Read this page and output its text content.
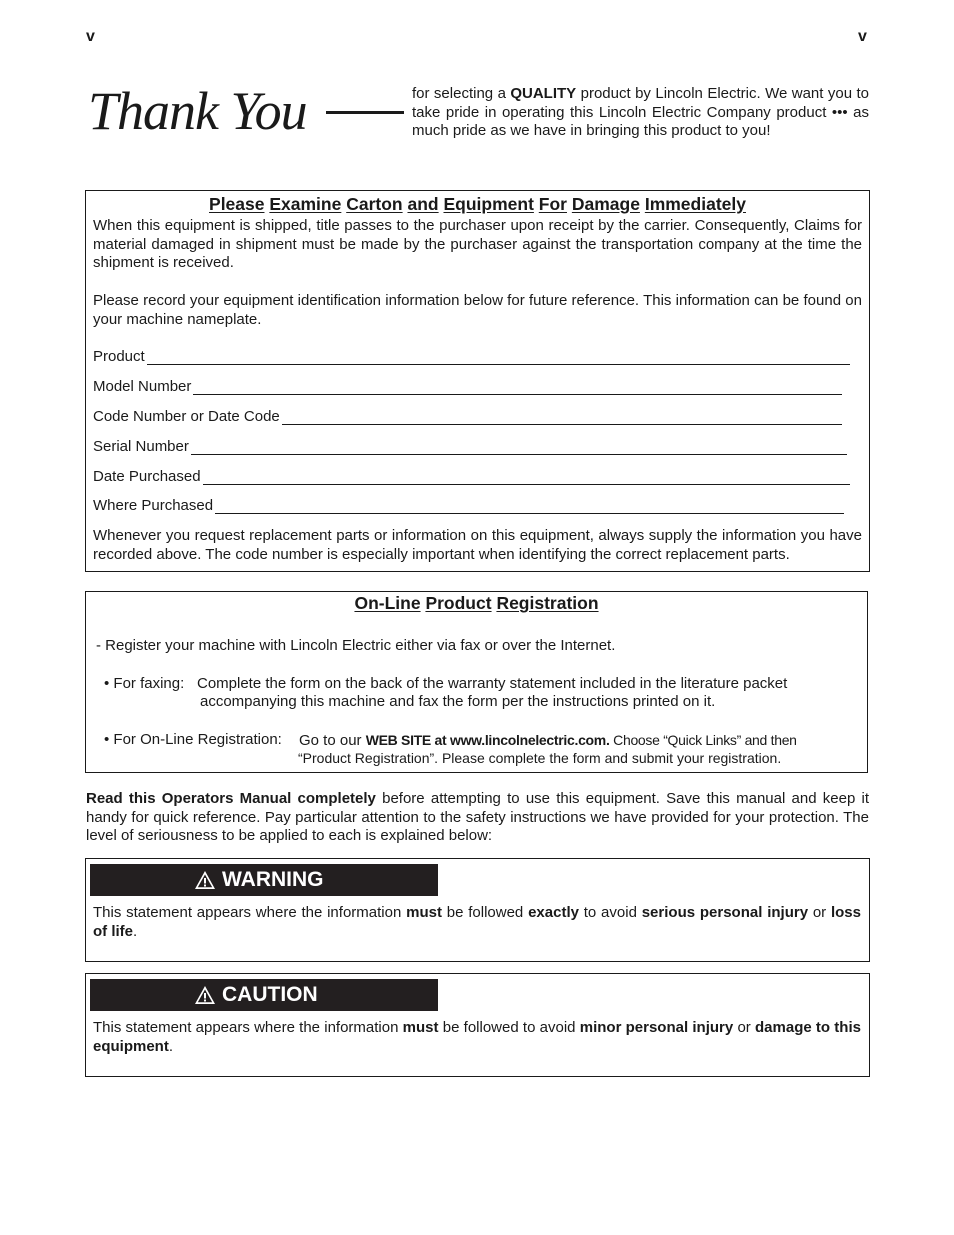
v	v
Thank You	for selecting a QUALITY product by Lincoln Electric. We want you to take pride in operating this Lincoln Electric Company product ••• as much pride as we have in bringing this product to you!
Please Examine Carton and Equipment For Damage Immediately
When this equipment is shipped, title passes to the purchaser upon receipt by the carrier. Consequently, Claims for material damaged in shipment must be made by the purchaser against the transportation company at the time the shipment is received.
Please record your equipment identification information below for future reference. This information can be found on your machine nameplate.
Product
Model Number
Code Number or Date Code
Serial Number
Date Purchased
Where Purchased
Whenever you request replacement parts or information on this equipment, always supply the information you have recorded above. The code number is especially important when identifying the correct replacement parts.
On-Line Product Registration
- Register your machine with Lincoln Electric either via fax or over the Internet.
• For faxing: Complete the form on the back of the warranty statement included in the literature packet
accompanying this machine and fax the form per the instructions printed on it.
• For On-Line Registration: Go to our WEB SITE at www.lincolnelectric.com. Choose “Quick Links” and then
“Product Registration”. Please complete the form and submit your registration.
Read this Operators Manual completely before attempting to use this equipment. Save this manual and keep it handy for quick reference. Pay particular attention to the safety instructions we have provided for your protection. The level of seriousness to be applied to each is explained below:
WARNING
This statement appears where the information must be followed exactly to avoid serious personal injury or loss of life.
CAUTION
This statement appears where the information must be followed to avoid minor personal injury or damage to this equipment.
